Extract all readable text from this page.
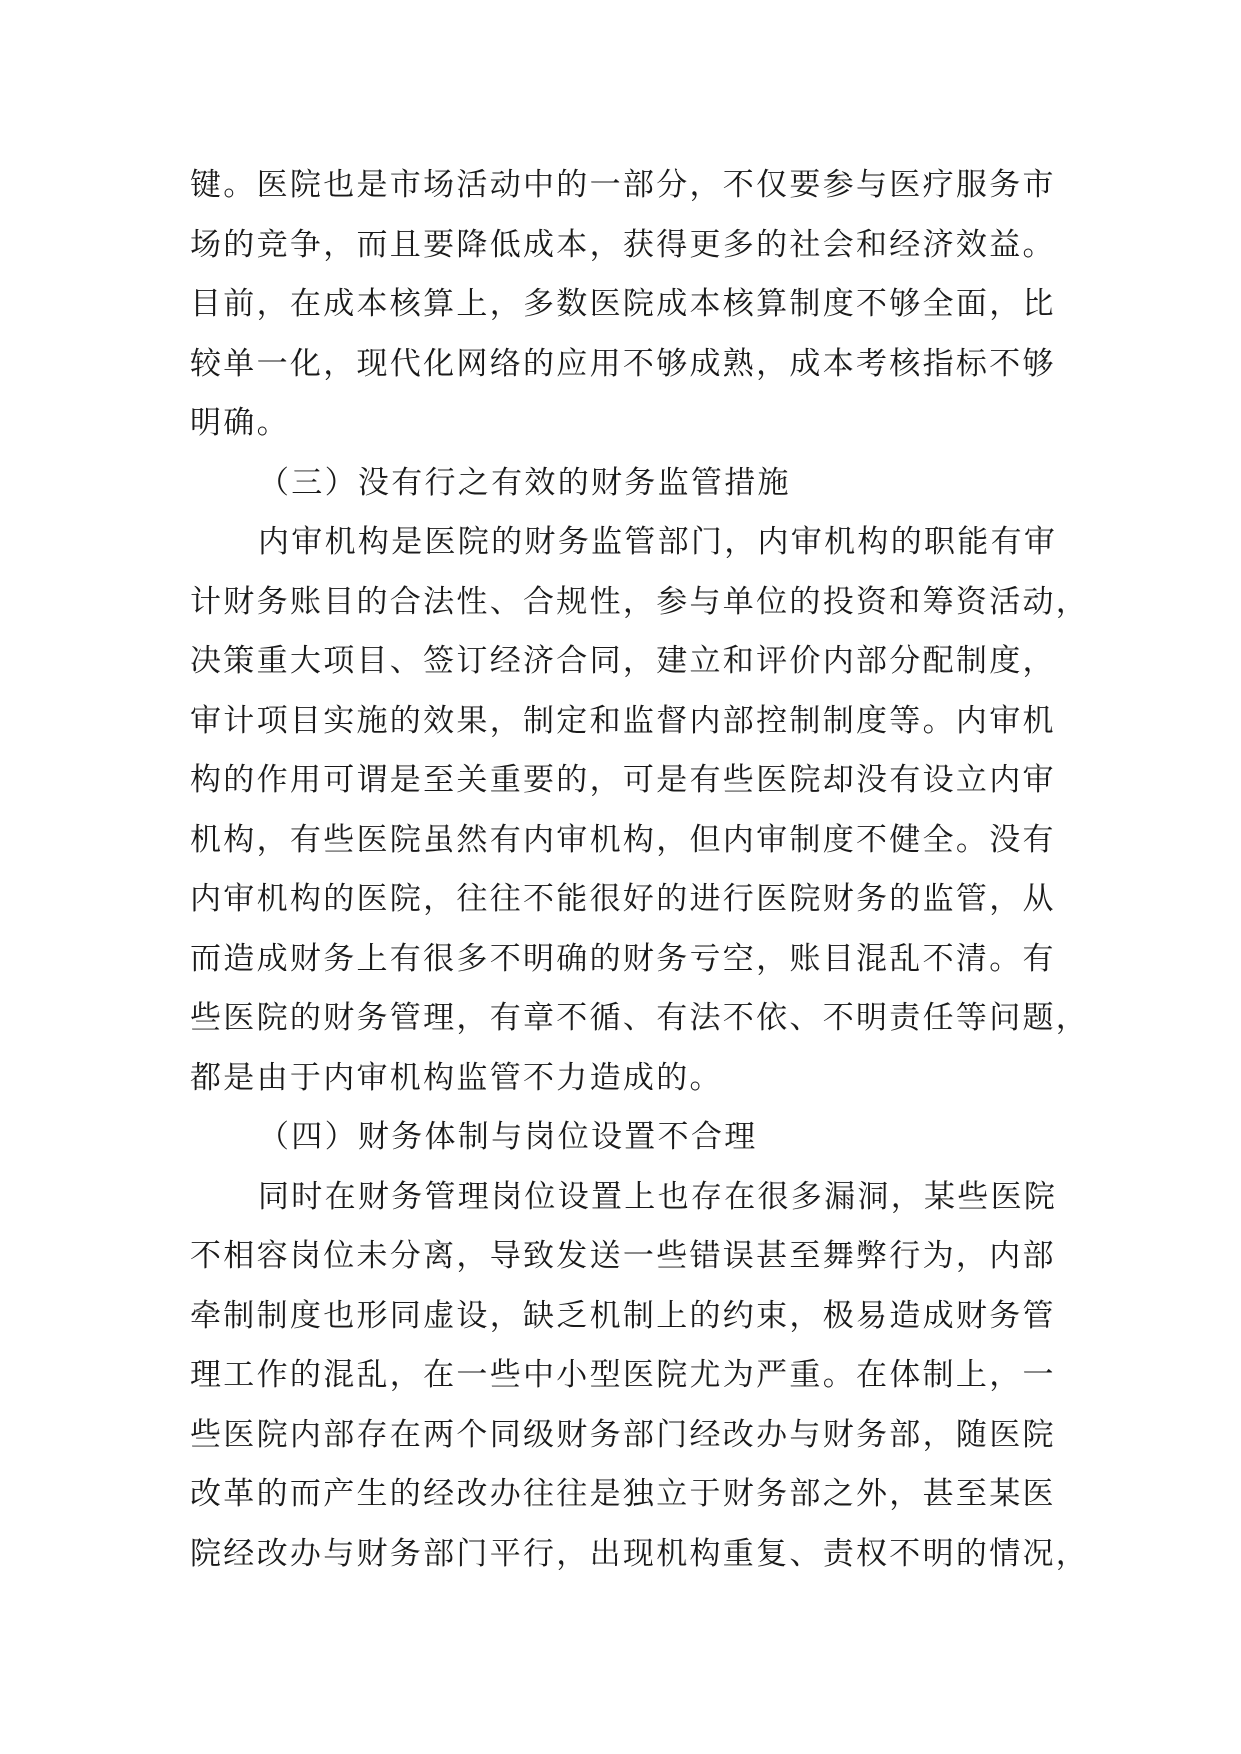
键。医院也是市场活动中的一部分，不仅要参与医疗服务市
场的竞争，而且要降低成本，获得更多的社会和经济效益。
目前，在成本核算上，多数医院成本核算制度不够全面，比
较单一化，现代化网络的应用不够成熟，成本考核指标不够
明确。
（三）没有行之有效的财务监管措施
内审机构是医院的财务监管部门，内审机构的职能有审
计财务账目的合法性、合规性，参与单位的投资和筹资活动，
决策重大项目、签订经济合同，建立和评价内部分配制度，
审计项目实施的效果，制定和监督内部控制制度等。内审机
构的作用可谓是至关重要的，可是有些医院却没有设立内审
机构，有些医院虽然有内审机构，但内审制度不健全。没有
内审机构的医院，往往不能很好的进行医院财务的监管，从
而造成财务上有很多不明确的财务亏空，账目混乱不清。有
些医院的财务管理，有章不循、有法不依、不明责任等问题，
都是由于内审机构监管不力造成的。
（四）财务体制与岗位设置不合理
同时在财务管理岗位设置上也存在很多漏洞，某些医院
不相容岗位未分离，导致发送一些错误甚至舞弊行为，内部
牵制制度也形同虚设，缺乏机制上的约束，极易造成财务管
理工作的混乱，在一些中小型医院尤为严重。在体制上，一
些医院内部存在两个同级财务部门经改办与财务部，随医院
改革的而产生的经改办往往是独立于财务部之外，甚至某医
院经改办与财务部门平行，出现机构重复、责权不明的情况，
